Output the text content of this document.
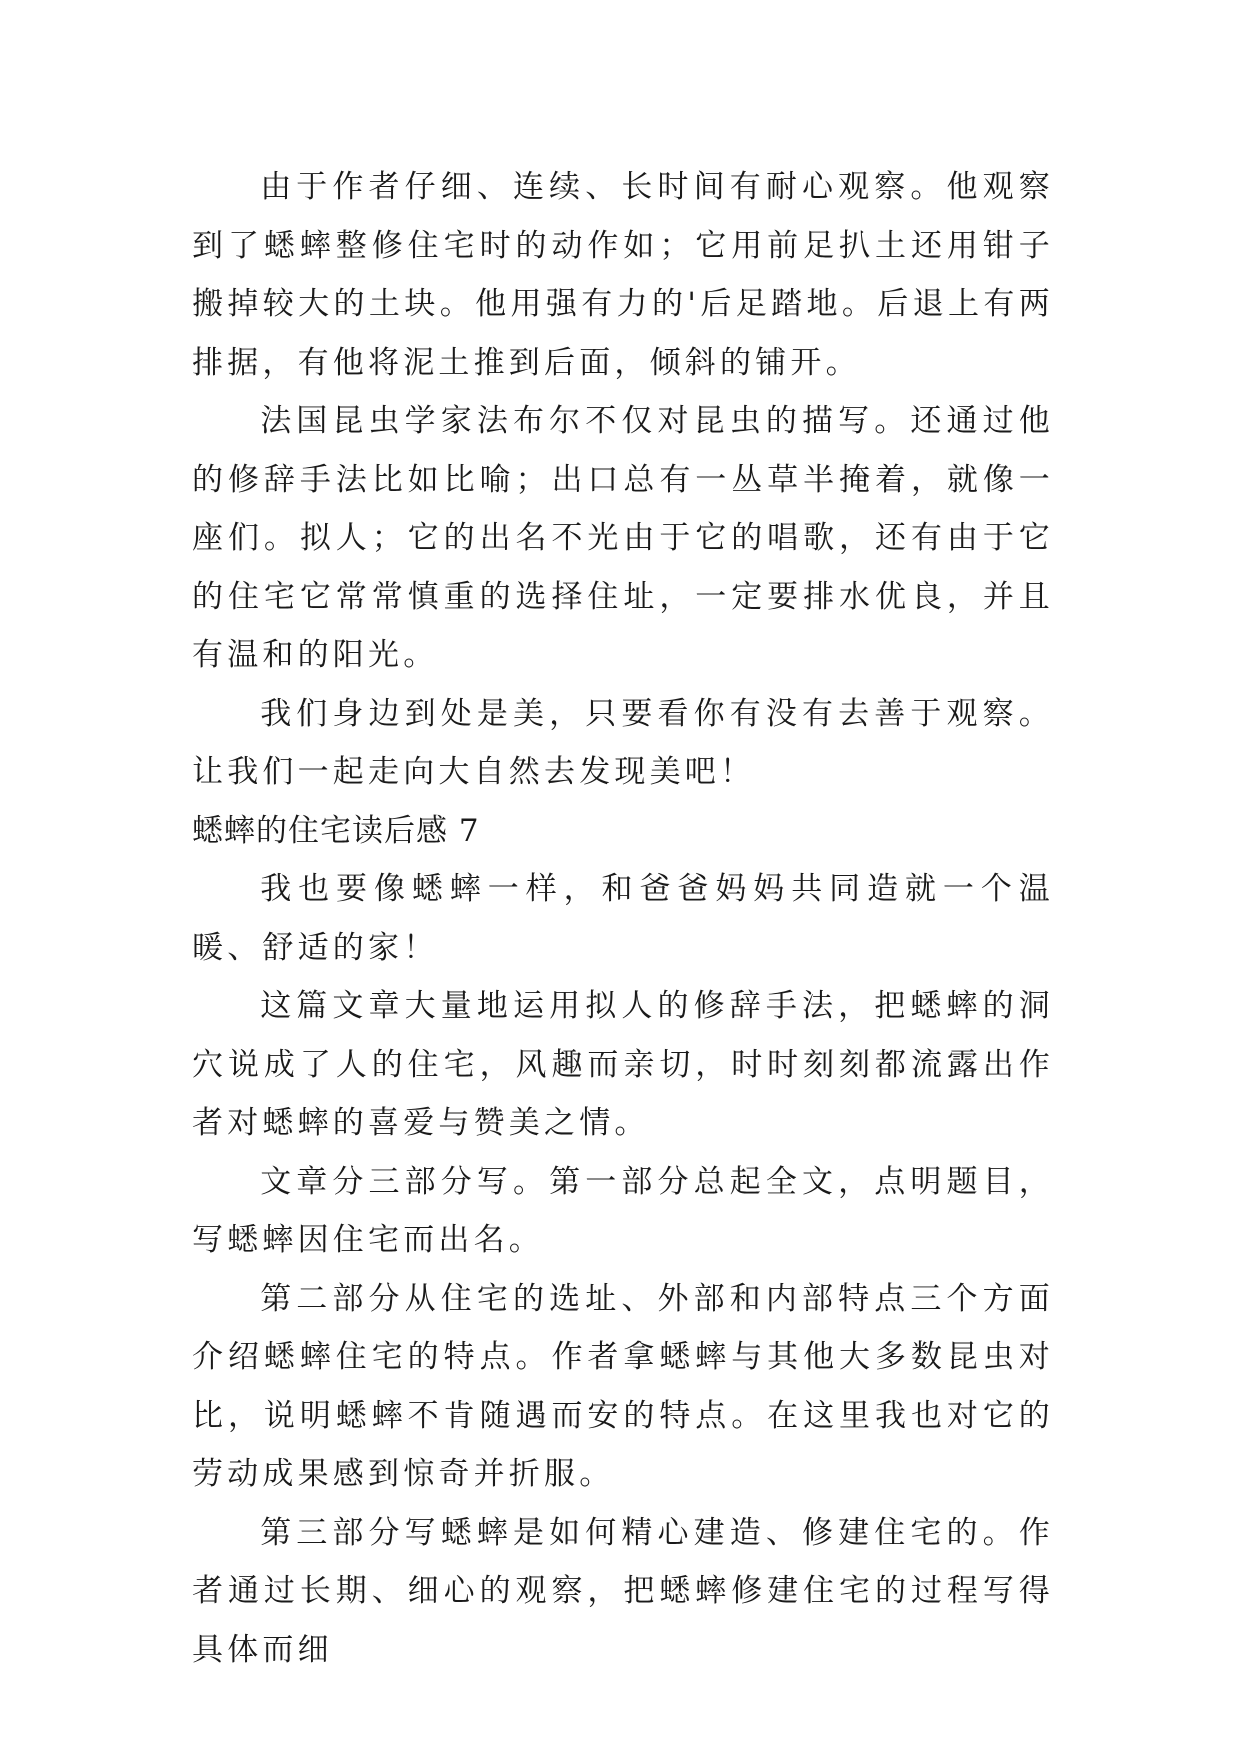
由于作者仔细、连续、长时间有耐心观察。他观察到了蟋蟀整修住宅时的动作如；它用前足扒土还用钳子搬掉较大的土块。他用强有力的'后足踏地。后退上有两排据，有他将泥土推到后面，倾斜的铺开。

法国昆虫学家法布尔不仅对昆虫的描写。还通过他的修辞手法比如比喻；出口总有一丛草半掩着，就像一座们。拟人；它的出名不光由于它的唱歌，还有由于它的住宅它常常慎重的选择住址，一定要排水优良，并且有温和的阳光。

我们身边到处是美，只要看你有没有去善于观察。让我们一起走向大自然去发现美吧！

蟋蟀的住宅读后感 7

我也要像蟋蟀一样，和爸爸妈妈共同造就一个温暖、舒适的家！

这篇文章大量地运用拟人的修辞手法，把蟋蟀的洞穴说成了人的住宅，风趣而亲切，时时刻刻都流露出作者对蟋蟀的喜爱与赞美之情。

文章分三部分写。第一部分总起全文，点明题目，写蟋蟀因住宅而出名。

第二部分从住宅的选址、外部和内部特点三个方面介绍蟋蟀住宅的特点。作者拿蟋蟀与其他大多数昆虫对比，说明蟋蟀不肯随遇而安的特点。在这里我也对它的劳动成果感到惊奇并折服。

第三部分写蟋蟀是如何精心建造、修建住宅的。作者通过长期、细心的观察，把蟋蟀修建住宅的过程写得具体而细
